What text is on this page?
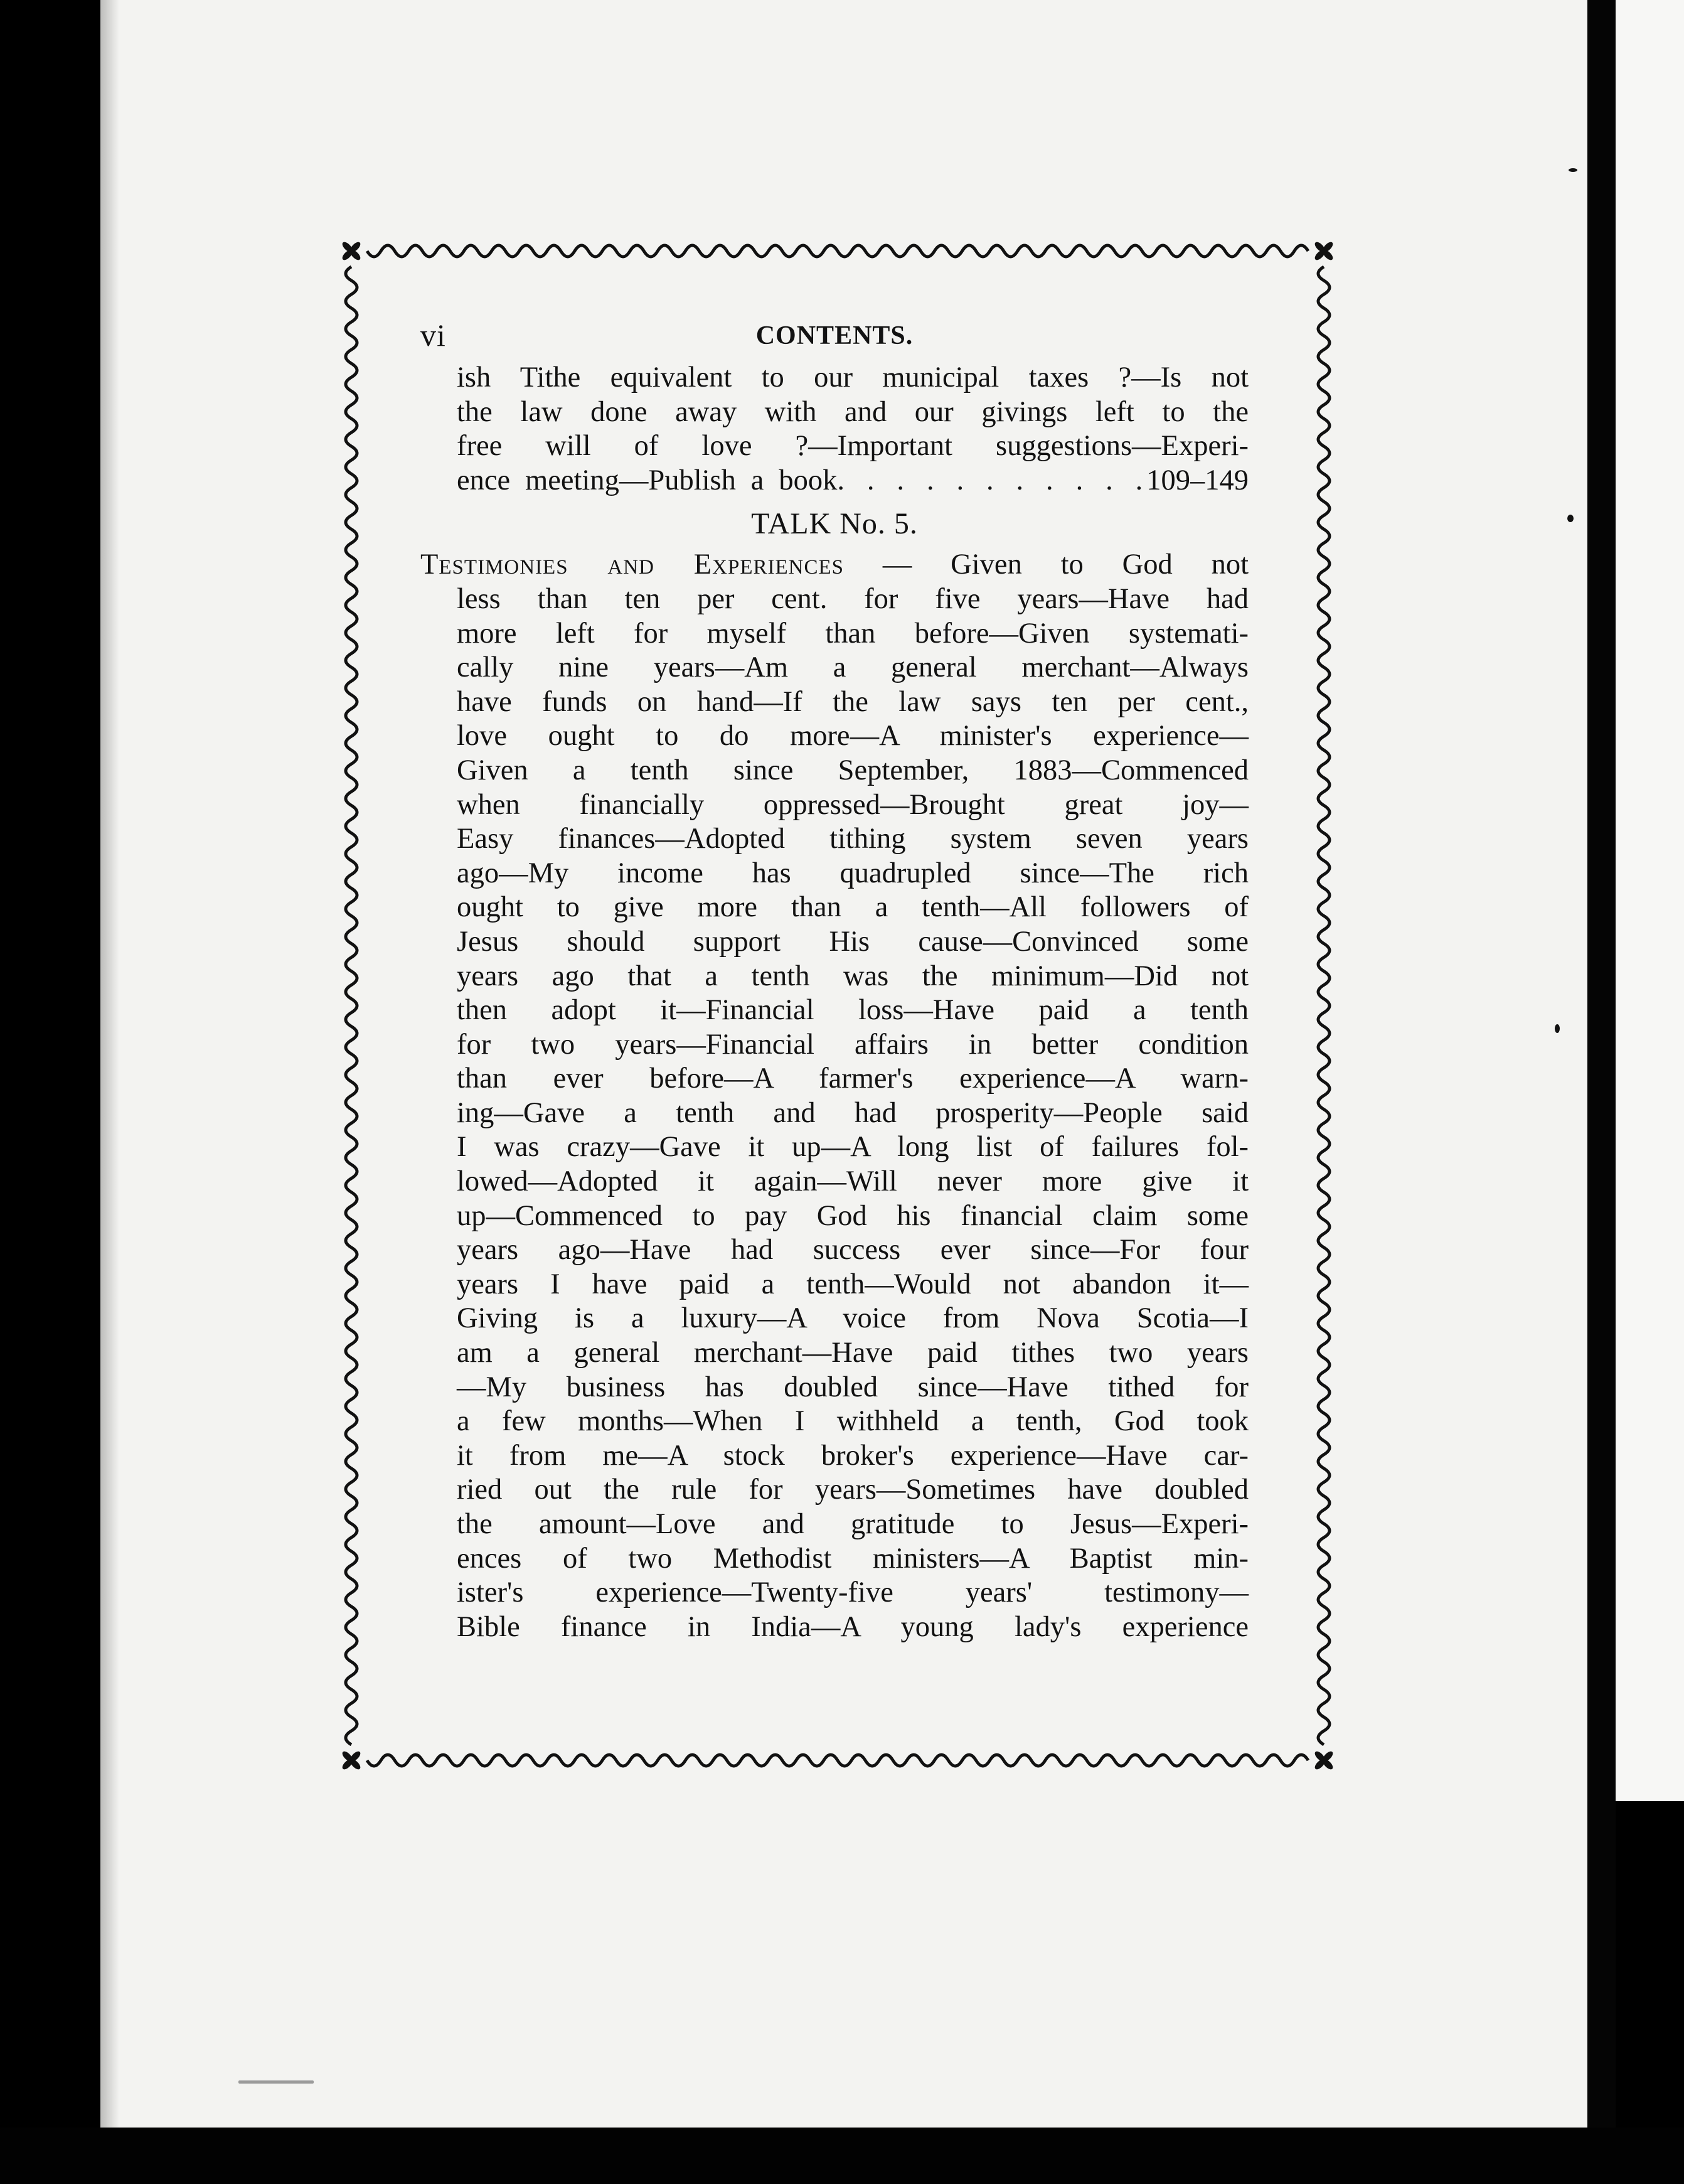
vi	CONTENTS.

ish Tithe equivalent to our municipal taxes ?—Is not

the law done away with and our givings left to the

free will of love ?—Important suggestions—Experi-

ence meeting—Publish a book. . . . . . . . . . .109–149

TALK No. 5.

Testimonies and Experiences — Given to God not

less than ten per cent. for five years—Have had

more left for myself than before—Given systemati-

cally nine years—Am a general merchant—Always

have funds on hand—If the law says ten per cent.,

love ought to do more—A minister's experience—

Given a tenth since September, 1883—Commenced

when financially oppressed—Brought great joy—

Easy finances—Adopted tithing system seven years

ago—My income has quadrupled since—The rich

ought to give more than a tenth—All followers of

Jesus should support His cause—Convinced some

years ago that a tenth was the minimum—Did not

then adopt it—Financial loss—Have paid a tenth

for two years—Financial affairs in better condition

than ever before—A farmer's experience—A warn-

ing—Gave a tenth and had prosperity—People said

I was crazy—Gave it up—A long list of failures fol-

lowed—Adopted it again—Will never more give it

up—Commenced to pay God his financial claim some

years ago—Have had success ever since—For four

years I have paid a tenth—Would not abandon it—

Giving is a luxury—A voice from Nova Scotia—I

am a general merchant—Have paid tithes two years

—My business has doubled since—Have tithed for

a few months—When I withheld a tenth, God took

it from me—A stock broker's experience—Have car-

ried out the rule for years—Sometimes have doubled

the amount—Love and gratitude to Jesus—Experi-

ences of two Methodist ministers—A Baptist min-

ister's experience—Twenty-five years' testimony—

Bible finance in India—A young lady's experience
